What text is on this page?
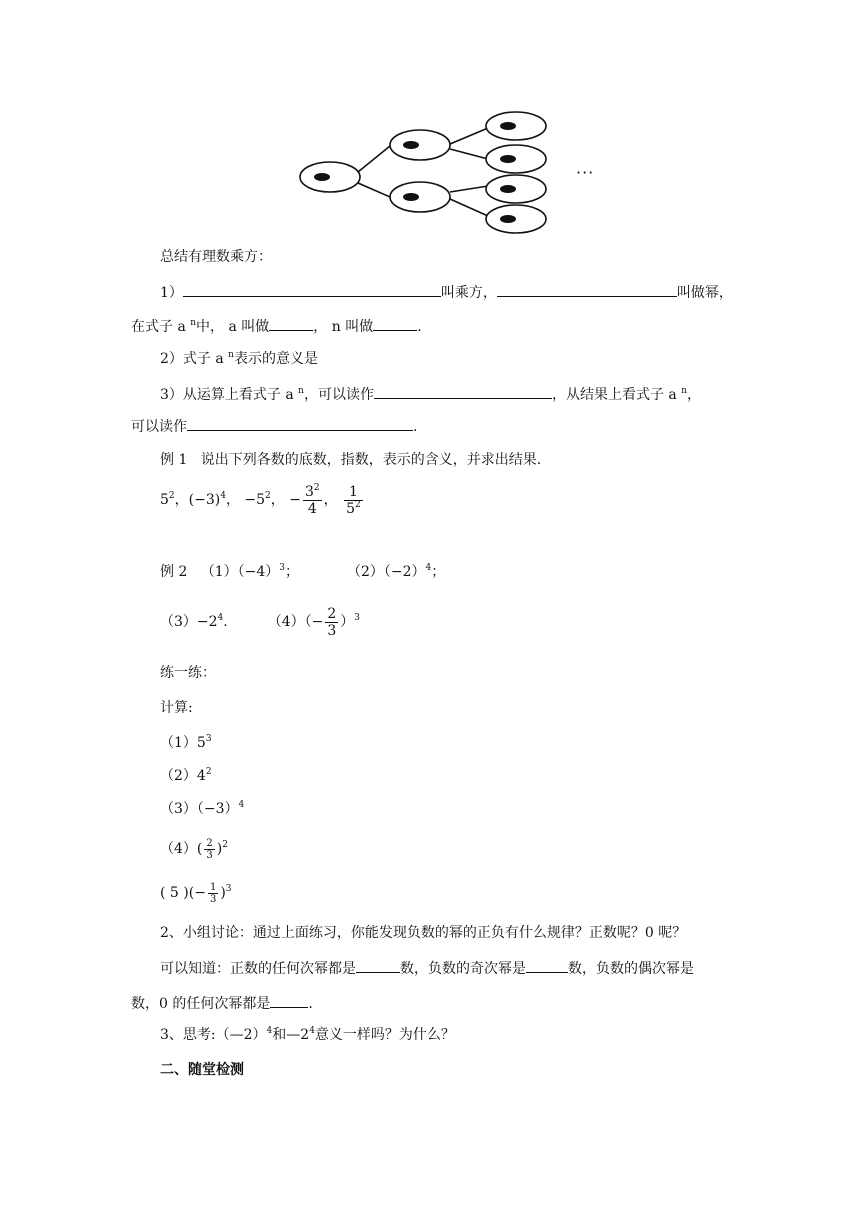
···
总结有理数乘方：
1）	叫乘方，	叫做幂，
在式子 a $^n$中， a 叫做	， n 叫做	.
2）式子 a $^n$表示的意义是
3）从运算上看式子 a $^n$，可以读作	，从结果上看式子 a $^n$，
可以读作	.
例 1 说出下列各数的底数，指数，表示的含义，并求出结果.
$5^2$，$(-3)^4$， $-5^2$， − $\frac{3^2}{4}$ ， $\frac{1}{5^2}$
例 2 $(1)(-4)^3$；	$(2)(-2)^4$；
$(3)-2^4$.	$(4)(- \frac{2}{3} )^3$
练一练：
计算:
$(1)5^3$
$(2)4^2$
$(3)(-3)^4$
$(4)( \frac{2}{3} )^2$
( 5 )(− $\frac{1}{3} )^3$
2、小组讨论：通过上面练习，你能发现负数的幂的正负有什么规律？正数呢？0 呢？
可以知道：正数的任何次幂都是	数，负数的奇次幂是	数，负数的偶次幂是
数，0 的任何次幂都是	.
3、思考:（—2）$^4$和$—2^4$意义一样吗？为什么？
二、随堂检测
